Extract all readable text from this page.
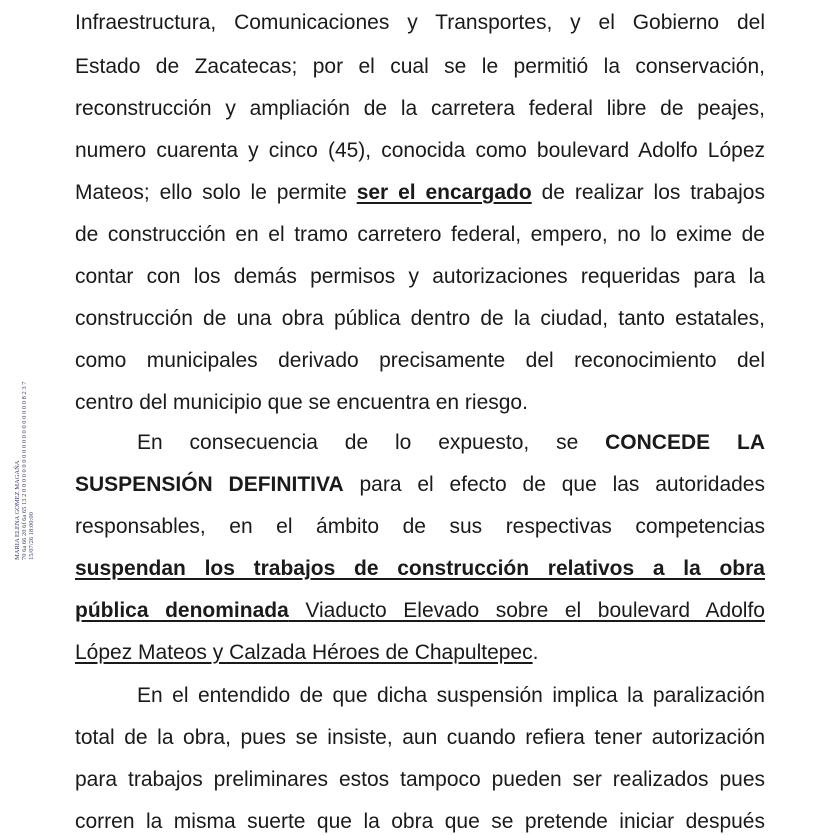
Infraestructura, Comunicaciones y Transportes, y el Gobierno del
Estado de Zacatecas; por el cual se le permitió la conservación,
reconstrucción y ampliación de la carretera federal libre de peajes,
numero cuarenta y cinco (45), conocida como boulevard Adolfo López
Mateos; ello solo le permite ser el encargado de realizar los trabajos
de construcción en el tramo carretero federal, empero, no lo exime de
contar con los demás permisos y autorizaciones requeridas para la
construcción de una obra pública dentro de la ciudad, tanto estatales,
como municipales derivado precisamente del reconocimiento del
centro del municipio que se encuentra en riesgo.
En consecuencia de lo expuesto, se CONCEDE LA
SUSPENSIÓN DEFINITIVA para el efecto de que las autoridades
responsables, en el ámbito de sus respectivas competencias
suspendan los trabajos de construcción relativos a la obra
pública denominada Viaducto Elevado sobre el boulevard Adolfo
López Mateos y Calzada Héroes de Chapultepec.
En el entendido de que dicha suspensión implica la paralización
total de la obra, pues se insiste, aun cuando refiera tener autorización
para trabajos preliminares estos tampoco pueden ser realizados pues
corren la misma suerte que la obra que se pretende iniciar después
MARIA ELENA GOMEZ MAGAÑA 70 6a 66 20 6f 6a 65 13 2 0 0 0 0 0 0 0 0 0 0 0 0 0 0 0 0 0 0 0 8 2 3 7 15/07/26 18:00:00
